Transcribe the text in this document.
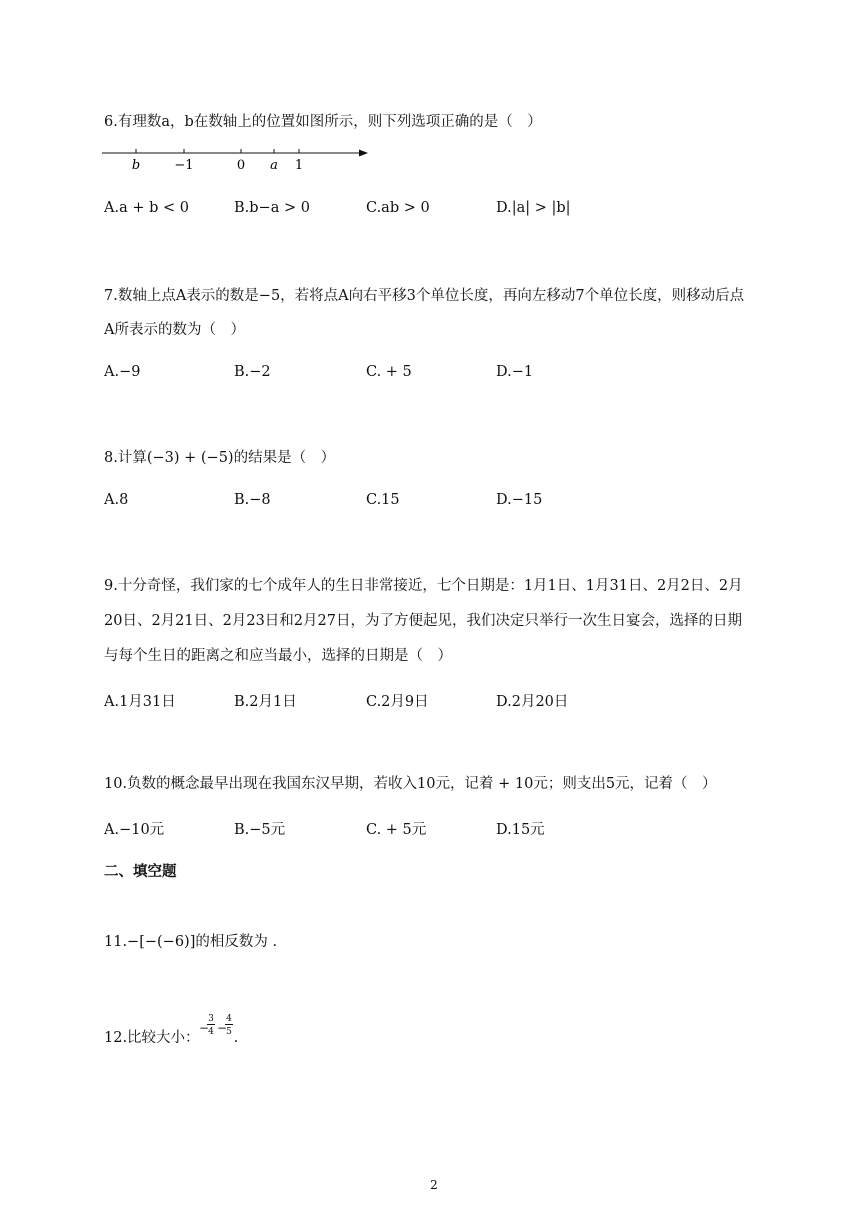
6.有理数a，b在数轴上的位置如图所示，则下列选项正确的是（　）
b	−1	0 a 1
A.a + b < 0	B.b−a > 0	C.ab > 0	D.|a| > |b|
7.数轴上点A表示的数是−5，若将点A向右平移3个单位长度，再向左移动7个单位长度，则移动后点
A所表示的数为（　）
A.−9	B.−2	C. + 5	D.−1
8.计算(−3) + (−5)的结果是（　）
A.8	B.−8	C.15	D.−15
9.十分奇怪，我们家的七个成年人的生日非常接近，七个日期是：1月1日、1月31日、2月2日、2月
20日、2月21日、2月23日和2月27日，为了方便起见，我们决定只举行一次生日宴会，选择的日期
与每个生日的距离之和应当最小，选择的日期是（　）
A.1月31日	B.2月1日	C.2月9日	D.2月20日
10.负数的概念最早出现在我国东汉早期，若收入10元，记着 + 10元；则支出5元，记着（　）
A.−10元	B.−5元	C. + 5元	D.15元
二、填空题
11.−[−(−6)]的相反数为 .
12.比较大小： .
−
3
4 −
4
5
2
